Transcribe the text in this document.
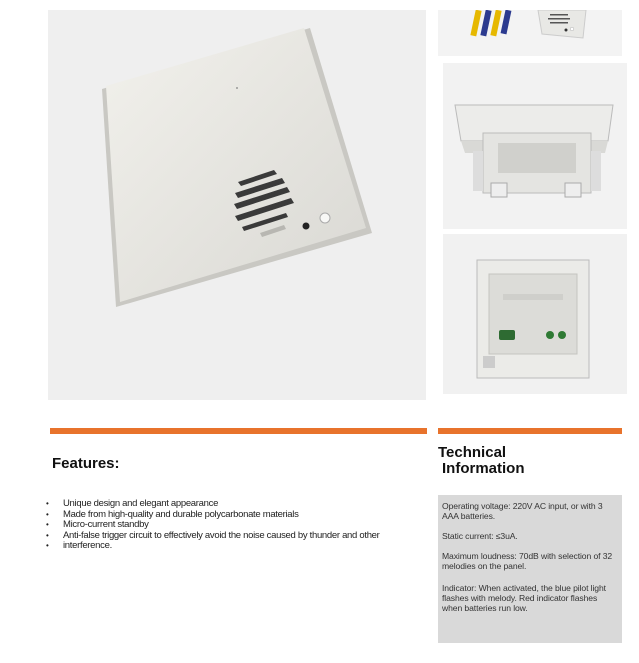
Features:
• Unique design and elegant appearance
• Made from high-quality and durable polycarbonate materials
• Micro-current standby
• Anti-false trigger circuit to effectively avoid the noise caused by thunder and other
• interference.
Technical
Information

Operating voltage: 220V AC input, or with 3 AAA batteries.

Static current: ≤3uA.

Maximum loudness: 70dB with selection of 32 melodies on the panel.

Indicator: When activated, the blue pilot light flashes with melody. Red indicator flashes when batteries run low.
